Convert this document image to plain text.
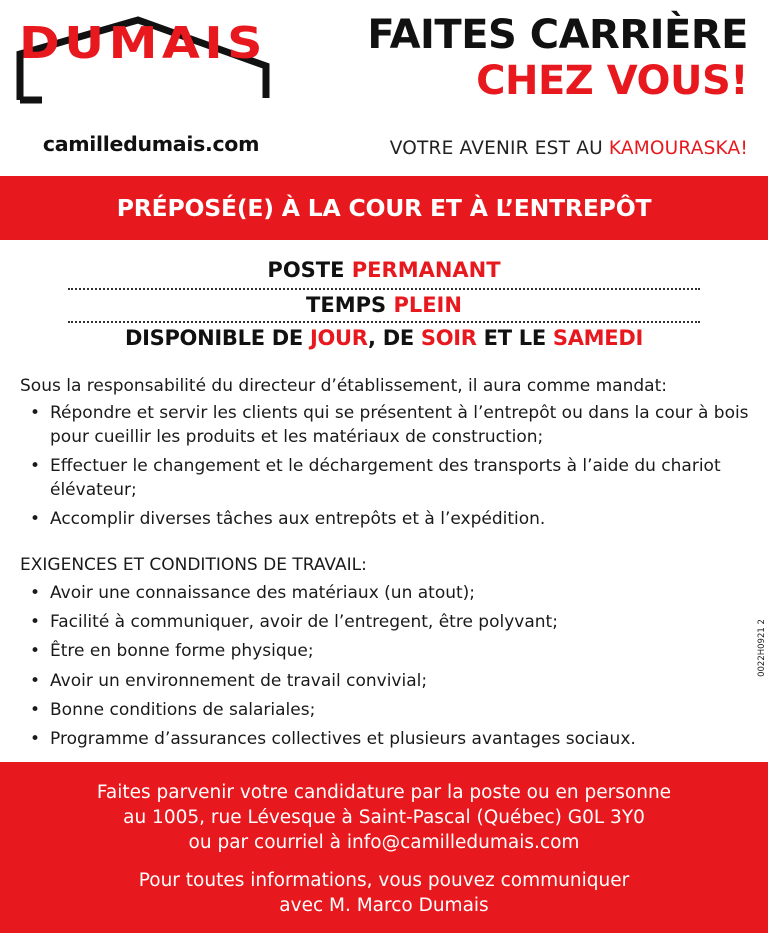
DUMAIS
camilledumais.com
FAITES CARRIÈRE
CHEZ VOUS!
VOTRE AVENIR EST AU KAMOURASKA!
PRÉPOSÉ(E) À LA COUR ET À L’ENTREPÔT
POSTE PERMANANT
TEMPS PLEIN
DISPONIBLE DE JOUR, DE SOIR ET LE SAMEDI
Sous la responsabilité du directeur d’établissement, il aura comme mandat:
• Répondre et servir les clients qui se présentent à l’entrepôt ou dans la cour à bois pour cueillir les produits et les matériaux de construction;
• Effectuer le changement et le déchargement des transports à l’aide du chariot élévateur;
• Accomplir diverses tâches aux entrepôts et à l’expédition.
EXIGENCES ET CONDITIONS DE TRAVAIL:
• Avoir une connaissance des matériaux (un atout);
• Facilité à communiquer, avoir de l’entregent, être polyvant;
• Être en bonne forme physique;
• Avoir un environnement de travail convivial;
• Bonne conditions de salariales;
• Programme d’assurances collectives et plusieurs avantages sociaux.
0022H0921 2
Faites parvenir votre candidature par la poste ou en personne
au 1005, rue Lévesque à Saint-Pascal (Québec) G0L 3Y0
ou par courriel à info@camilledumais.com
Pour toutes informations, vous pouvez communiquer
avec M. Marco Dumais
